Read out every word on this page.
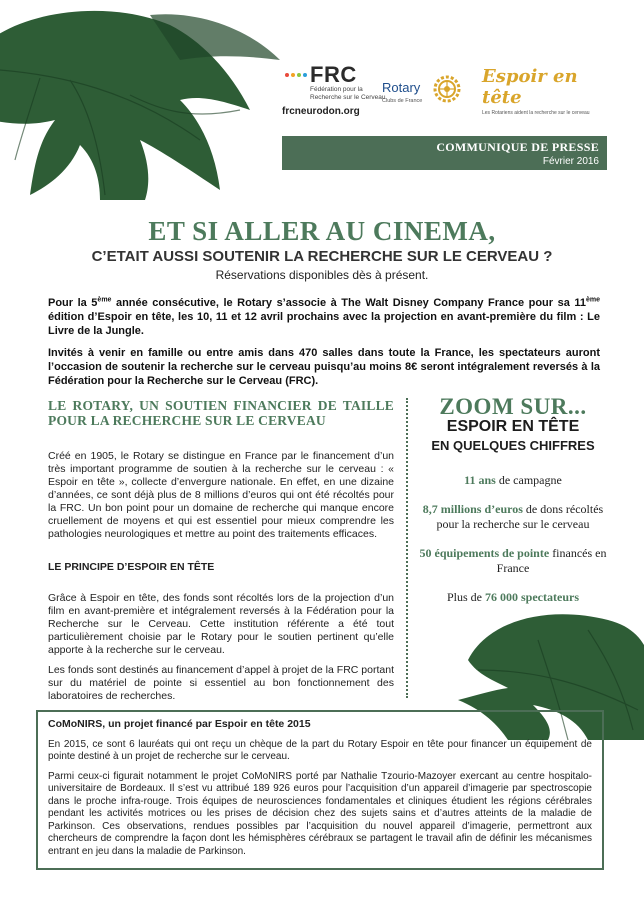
FRC
Fédération pour la Recherche sur le Cerveau
frcneurodon.org
Rotary
Clubs de France
Espoir en tête
Les Rotariens aident la recherche sur le cerveau
COMMUNIQUE DE PRESSE
Février 2016
ET SI ALLER AU CINEMA,
C’ETAIT AUSSI SOUTENIR LA RECHERCHE SUR LE CERVEAU ?
Réservations disponibles dès à présent.

Pour la 5ème année consécutive, le Rotary s’associe à The Walt Disney Company France pour sa 11ème édition d’Espoir en tête, les 10, 11 et 12 avril prochains avec la projection en avant-première du film : Le Livre de la Jungle.

Invités à venir en famille ou entre amis dans 470 salles dans toute la France, les spectateurs auront l’occasion de soutenir la recherche sur le cerveau puisqu’au moins 8€ seront intégralement reversés à la Fédération pour la Recherche sur le Cerveau (FRC).

LE ROTARY, UN SOUTIEN FINANCIER DE TAILLE POUR LA RECHERCHE SUR LE CERVEAU

Créé en 1905, le Rotary se distingue en France par le financement d’un très important programme de soutien à la recherche sur le cerveau : « Espoir en tête », collecte d’envergure nationale. En effet, en une dizaine d’années, ce sont déjà plus de 8 millions d’euros qui ont été récoltés pour la FRC. Un bon point pour un domaine de recherche qui manque encore cruellement de moyens et qui est essentiel pour mieux comprendre les pathologies neurologiques et mettre au point des traitements efficaces.

LE PRINCIPE D’ESPOIR EN TÊTE

Grâce à Espoir en tête, des fonds sont récoltés lors de la projection d’un film en avant-première et intégralement reversés à la Fédération pour la Recherche sur le Cerveau. Cette institution référente a été tout particulièrement choisie par le Rotary pour le soutien pertinent qu’elle apporte à la recherche sur le cerveau.

Les fonds sont destinés au financement d’appel à projet de la FRC portant sur du matériel de pointe si essentiel au bon fonctionnement des laboratoires de recherches.

ZOOM SUR...
ESPOIR EN TÊTE
EN QUELQUES CHIFFRES
11 ans de campagne
8,7 millions d’euros de dons récoltés pour la recherche sur le cerveau
50 équipements de pointe financés en France
Plus de 76 000 spectateurs
CoMoNIRS, un projet financé par Espoir en tête 2015

En 2015, ce sont 6 lauréats qui ont reçu un chèque de la part du Rotary Espoir en tête pour financer un équipement de pointe destiné à un projet de recherche sur le cerveau.

Parmi ceux-ci figurait notamment le projet CoMoNIRS porté par Nathalie Tzourio-Mazoyer exercant au centre hospitalo-universitaire de Bordeaux. Il s’est vu attribué 189 926 euros pour l’acquisition d’un appareil d’imagerie par spectroscopie dans le proche infra-rouge. Trois équipes de neurosciences fondamentales et cliniques étudient les régions cérébrales pendant les activités motrices ou les prises de décision chez des sujets sains et d’autres atteints de la maladie de Parkinson. Ces observations, rendues possibles par l’acquisition du nouvel appareil d’imagerie, permettront aux chercheurs de comprendre la façon dont les hémisphères cérébraux se partagent le travail afin de définir les mécanismes entrant en jeu dans la maladie de Parkinson.
